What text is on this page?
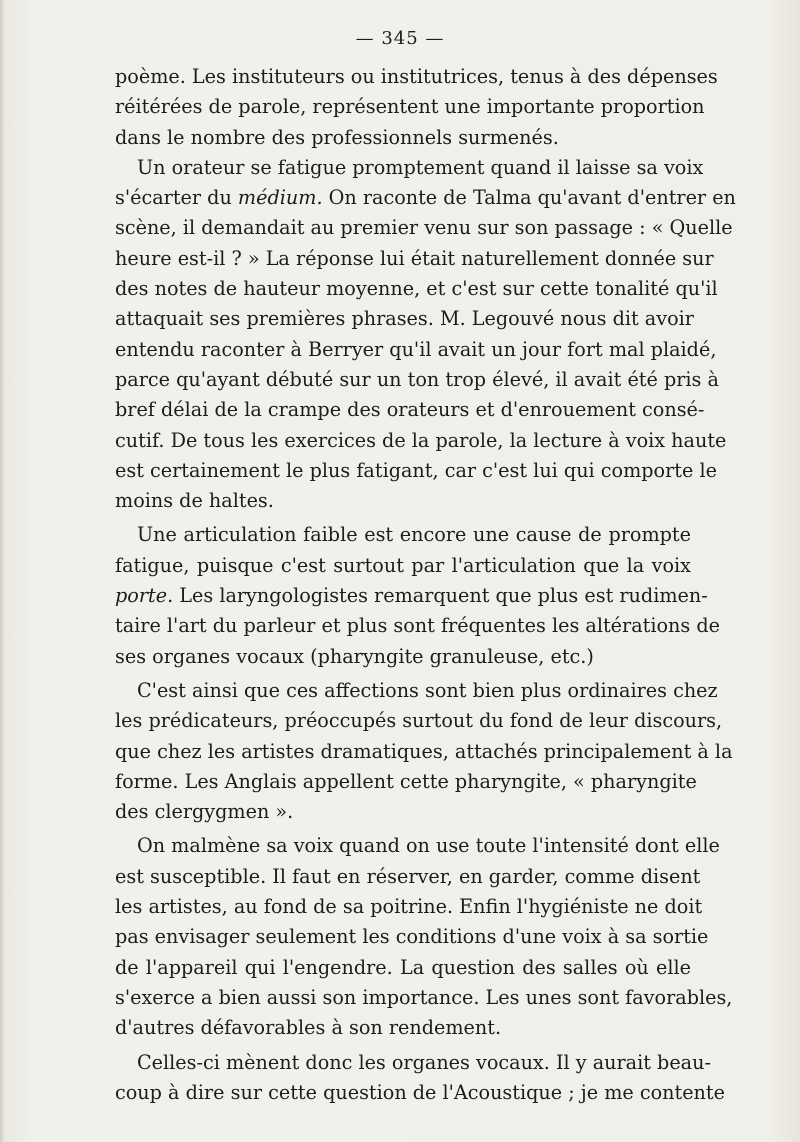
— 345 —
poème. Les instituteurs ou institutrices, tenus à des dépenses
réitérées de parole, représentent une importante proportion
dans le nombre des professionnels surmenés.
Un orateur se fatigue promptement quand il laisse sa voix
s'écarter du médium. On raconte de Talma qu'avant d'entrer en
scène, il demandait au premier venu sur son passage : « Quelle
heure est-il ? » La réponse lui était naturellement donnée sur
des notes de hauteur moyenne, et c'est sur cette tonalité qu'il
attaquait ses premières phrases. M. Legouvé nous dit avoir
entendu raconter à Berryer qu'il avait un jour fort mal plaidé,
parce qu'ayant débuté sur un ton trop élevé, il avait été pris à
bref délai de la crampe des orateurs et d'enrouement consé-
cutif. De tous les exercices de la parole, la lecture à voix haute
est certainement le plus fatigant, car c'est lui qui comporte le
moins de haltes.
Une articulation faible est encore une cause de prompte
fatigue, puisque c'est surtout par l'articulation que la voix
porte. Les laryngologistes remarquent que plus est rudimen-
taire l'art du parleur et plus sont fréquentes les altérations de
ses organes vocaux (pharyngite granuleuse, etc.)
C'est ainsi que ces affections sont bien plus ordinaires chez
les prédicateurs, préoccupés surtout du fond de leur discours,
que chez les artistes dramatiques, attachés principalement à la
forme. Les Anglais appellent cette pharyngite, « pharyngite
des clergygmen ».
On malmène sa voix quand on use toute l'intensité dont elle
est susceptible. Il faut en réserver, en garder, comme disent
les artistes, au fond de sa poitrine. Enfin l'hygiéniste ne doit
pas envisager seulement les conditions d'une voix à sa sortie
de l'appareil qui l'engendre. La question des salles où elle
s'exerce a bien aussi son importance. Les unes sont favorables,
d'autres défavorables à son rendement.
Celles-ci mènent donc les organes vocaux. Il y aurait beau-
coup à dire sur cette question de l'Acoustique ; je me contente
